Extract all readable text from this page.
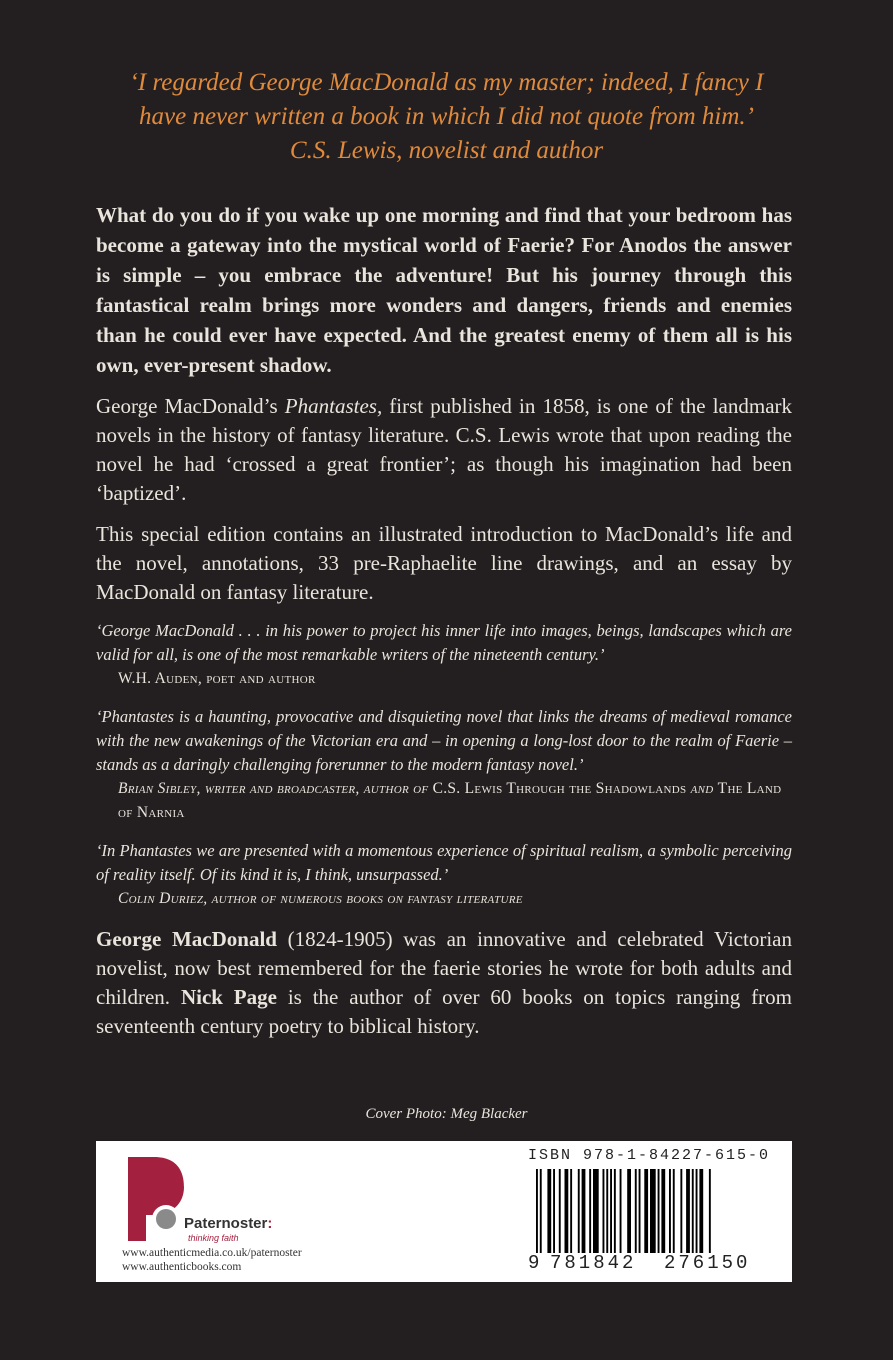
‘I regarded George MacDonald as my master; indeed, I fancy I
have never written a book in which I did not quote from him.’
C.S. Lewis, novelist and author

What do you do if you wake up one morning and find that your bedroom has become a gateway into the mystical world of Faerie? For Anodos the answer is simple – you embrace the adventure! But his journey through this fantastical realm brings more wonders and dangers, friends and enemies than he could ever have expected. And the greatest enemy of them all is his own, ever-present shadow.

George MacDonald’s Phantastes, first published in 1858, is one of the landmark novels in the history of fantasy literature. C.S. Lewis wrote that upon reading the novel he had ‘crossed a great frontier’; as though his imagination had been ‘baptized’.

This special edition contains an illustrated introduction to MacDonald’s life and the novel, annotations, 33 pre-Raphaelite line drawings, and an essay by MacDonald on fantasy literature.

‘George MacDonald . . . in his power to project his inner life into images, beings, landscapes which are valid for all, is one of the most remarkable writers of the nineteenth century.’

W.H. Auden, poet and author

‘Phantastes is a haunting, provocative and disquieting novel that links the dreams of medieval romance with the new awakenings of the Victorian era and – in opening a long-lost door to the realm of Faerie – stands as a daringly challenging forerunner to the modern fantasy novel.’

Brian Sibley, writer and broadcaster, author of C.S. Lewis Through the Shadowlands and The Land of Narnia

‘In Phantastes we are presented with a momentous experience of spiritual realism, a symbolic perceiving of reality itself. Of its kind it is, I think, unsurpassed.’

Colin Duriez, author of numerous books on fantasy literature

George MacDonald (1824-1905) was an innovative and celebrated Victorian novelist, now best remembered for the faerie stories he wrote for both adults and children. Nick Page is the author of over 60 books on topics ranging from seventeenth century poetry to biblical history.

Cover Photo: Meg Blacker
Paternoster:
thinking faith
www.authenticmedia.co.uk/paternoster
www.authenticbooks.com
ISBN 978-1-84227-615-0
9 781842 276150
